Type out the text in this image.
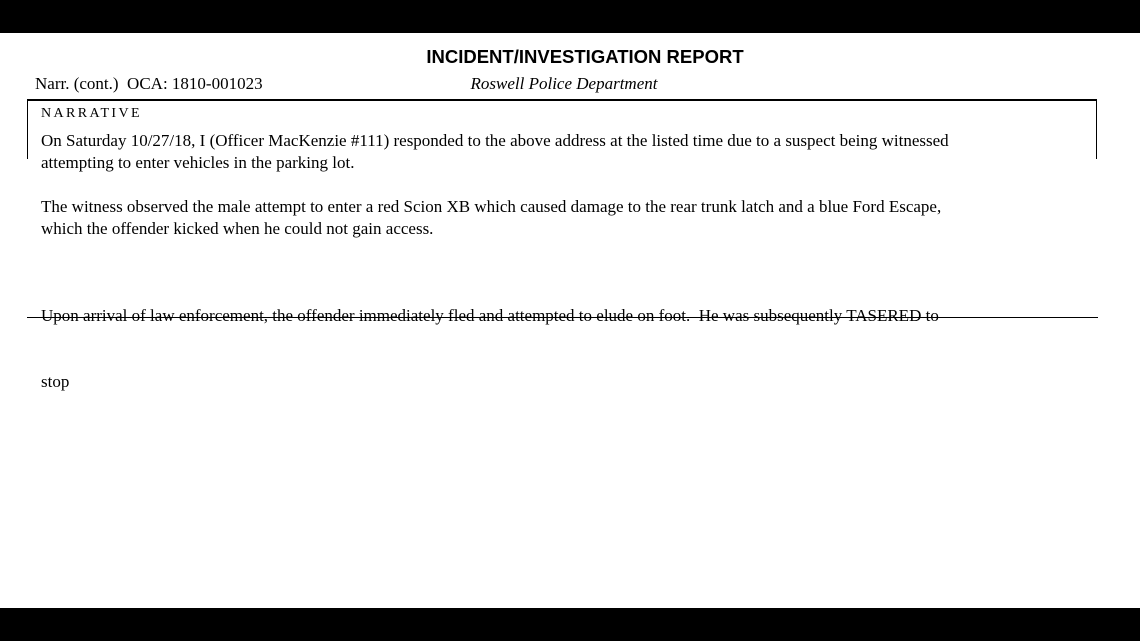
INCIDENT/INVESTIGATION REPORT
Narr. (cont.)  OCA: 1810-001023	Roswell Police Department
NARRATIVE
On Saturday 10/27/18, I (Officer MacKenzie #111) responded to the above address at the listed time due to a suspect being witnessed
attempting to enter vehicles in the parking lot.
The witness observed the male attempt to enter a red Scion XB which caused damage to the rear trunk latch and a blue Ford Escape,
which the offender kicked when he could not gain access.

Upon arrival of law enforcement, the offender immediately fled and attempted to elude on foot.  He was subsequently TASERED to

stop
